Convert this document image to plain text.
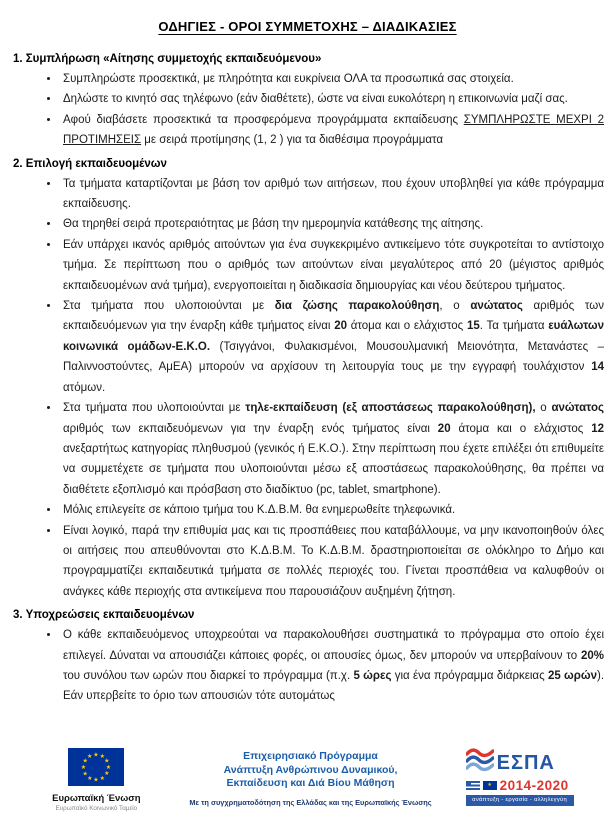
ΟΔΗΓΙΕΣ - ΟΡΟΙ ΣΥΜΜΕΤΟΧΗΣ – ΔΙΑΔΙΚΑΣΙΕΣ
1. Συμπλήρωση «Αίτησης συμμετοχής εκπαιδευόμενου»
• Συμπληρώστε προσεκτικά, με πληρότητα και ευκρίνεια ΟΛΑ τα προσωπικά σας στοιχεία.
• Δηλώστε το κινητό σας τηλέφωνο (εάν διαθέτετε), ώστε να είναι ευκολότερη η επικοινωνία μαζί σας.
• Αφού διαβάσετε προσεκτικά τα προσφερόμενα προγράμματα εκπαίδευσης ΣΥΜΠΛΗΡΩΣΤΕ ΜΕΧΡΙ 2 ΠΡΟΤΙΜΗΣΕΙΣ με σειρά προτίμησης (1, 2 ) για τα διαθέσιμα προγράμματα
2. Επιλογή εκπαιδευομένων
• Τα τμήματα καταρτίζονται με βάση τον αριθμό των αιτήσεων, που έχουν υποβληθεί για κάθε πρόγραμμα εκπαίδευσης.
• Θα τηρηθεί σειρά προτεραιότητας με βάση την ημερομηνία κατάθεσης της αίτησης.
• Εάν υπάρχει ικανός αριθμός αιτούντων για ένα συγκεκριμένο αντικείμενο τότε συγκροτείται το αντίστοιχο τμήμα. Σε περίπτωση που ο αριθμός των αιτούντων είναι μεγαλύτερος από 20 (μέγιστος αριθμός εκπαιδευομένων ανά τμήμα), ενεργοποιείται η διαδικασία δημιουργίας και νέου δεύτερου τμήματος.
• Στα τμήματα που υλοποιούνται με δια ζώσης παρακολούθηση, ο ανώτατος αριθμός των εκπαιδευόμενων για την έναρξη κάθε τμήματος είναι 20 άτομα και ο ελάχιστος 15. Τα τμήματα ευάλωτων κοινωνικά ομάδων-Ε.Κ.Ο. (Τσιγγάνοι, Φυλακισμένοι, Μουσουλμανική Μειονότητα, Μετανάστες – Παλιννοστούντες, ΑμΕΑ) μπορούν να αρχίσουν τη λειτουργία τους με την εγγραφή τουλάχιστον 14 ατόμων.
• Στα τμήματα που υλοποιούνται με τηλε-εκπαίδευση (εξ αποστάσεως παρακολούθηση), ο ανώτατος αριθμός των εκπαιδευόμενων για την έναρξη ενός τμήματος είναι 20 άτομα και ο ελάχιστος 12 ανεξαρτήτως κατηγορίας πληθυσμού (γενικός ή Ε.Κ.Ο.). Στην περίπτωση που έχετε επιλέξει ότι επιθυμείτε να συμμετέχετε σε τμήματα που υλοποιούνται μέσω εξ αποστάσεως παρακολούθησης, θα πρέπει να διαθέτετε εξοπλισμό και πρόσβαση στο διαδίκτυο (pc, tablet, smartphone).
• Μόλις επιλεγείτε σε κάποιο τμήμα του Κ.Δ.Β.Μ. θα ενημερωθείτε τηλεφωνικά.
• Είναι λογικό, παρά την επιθυμία μας και τις προσπάθειες που καταβάλλουμε, να μην ικανοποιηθούν όλες οι αιτήσεις που απευθύνονται στο Κ.Δ.Β.Μ. Το Κ.Δ.Β.Μ. δραστηριοποιείται σε ολόκληρο το Δήμο και προγραμματίζει εκπαιδευτικά τμήματα σε πολλές περιοχές του. Γίνεται προσπάθεια να καλυφθούν οι ανάγκες κάθε περιοχής στα αντικείμενα που παρουσιάζουν αυξημένη ζήτηση.
3. Υποχρεώσεις εκπαιδευομένων
• Ο κάθε εκπαιδευόμενος υποχρεούται να παρακολουθήσει συστηματικά το πρόγραμμα στο οποίο έχει επιλεγεί. Δύναται να απουσιάζει κάποιες φορές, οι απουσίες όμως, δεν μπορούν να υπερβαίνουν το 20% του συνόλου των ωρών που διαρκεί το πρόγραμμα (π.χ. 5 ώρες για ένα πρόγραμμα διάρκειας 25 ωρών). Εάν υπερβείτε το όριο των απουσιών τότε αυτομάτως
★ ★
★
★
★
★
★
★
★
★
★
★
Ευρωπαϊκή Ένωση
Ευρωπαϊκό Κοινωνικό Ταμείο
Επιχειρησιακό Πρόγραμμα
Ανάπτυξη Ανθρώπινου Δυναμικού,
Εκπαίδευση και Διά Βίου Μάθηση
Με τη συγχρηματοδότηση της Ελλάδας και της Ευρωπαϊκής Ένωσης
ΕΣΠΑ
★ 2014-2020
ανάπτυξη - εργασία - αλληλεγγύη
